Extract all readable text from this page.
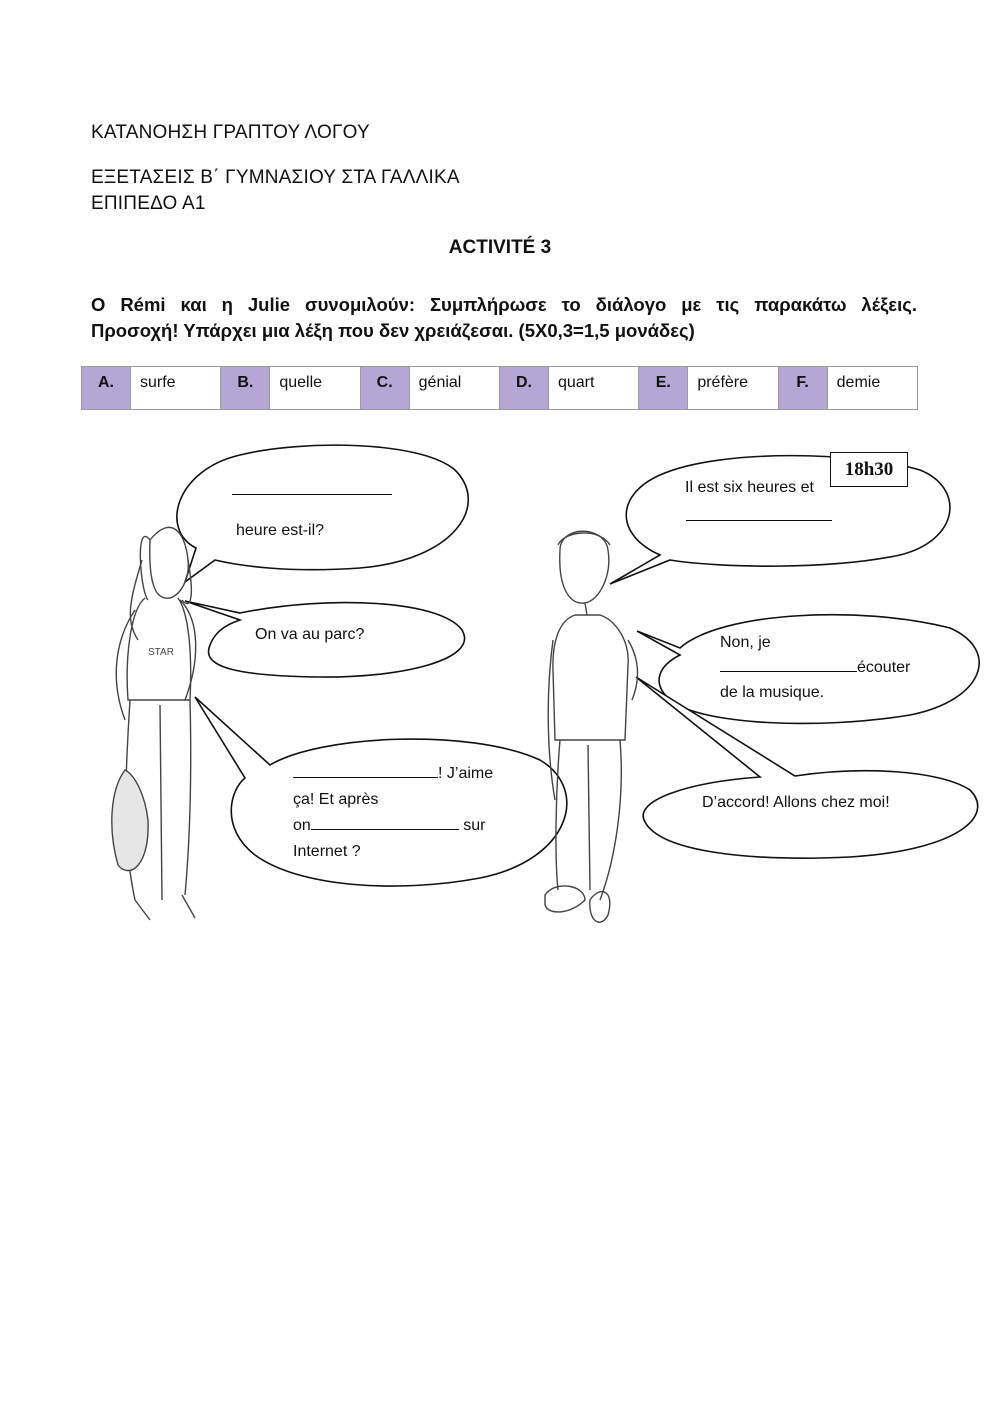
ΚΑΤΑΝΟΗΣΗ ΓΡΑΠΤΟΥ ΛΟΓΟΥ
ΕΞΕΤΑΣΕΙΣ Β΄ ΓΥΜΝΑΣΙΟΥ ΣΤΑ ΓΑΛΛΙΚΑ
ΕΠΙΠΕΔΟ Α1
ACTIVITÉ 3
Ο Rémi και η Julie συνομιλούν: Συμπλήρωσε το διάλογο με τις παρακάτω λέξεις.
Προσοχή! Υπάρχει μια λέξη που δεν χρειάζεσαι. (5Χ0,3=1,5 μονάδες)
A.	surfe	B.	quelle	C.	génial	D.	quart	E.	préfère	F.	demie
STAR
heure est-il?
Il est six heures et
18h30
On va au parc?	Non, je
écouter
de la musique.
! J’aime
ça! Et après
on	sur
Internet ?
D’accord! Allons chez moi!
